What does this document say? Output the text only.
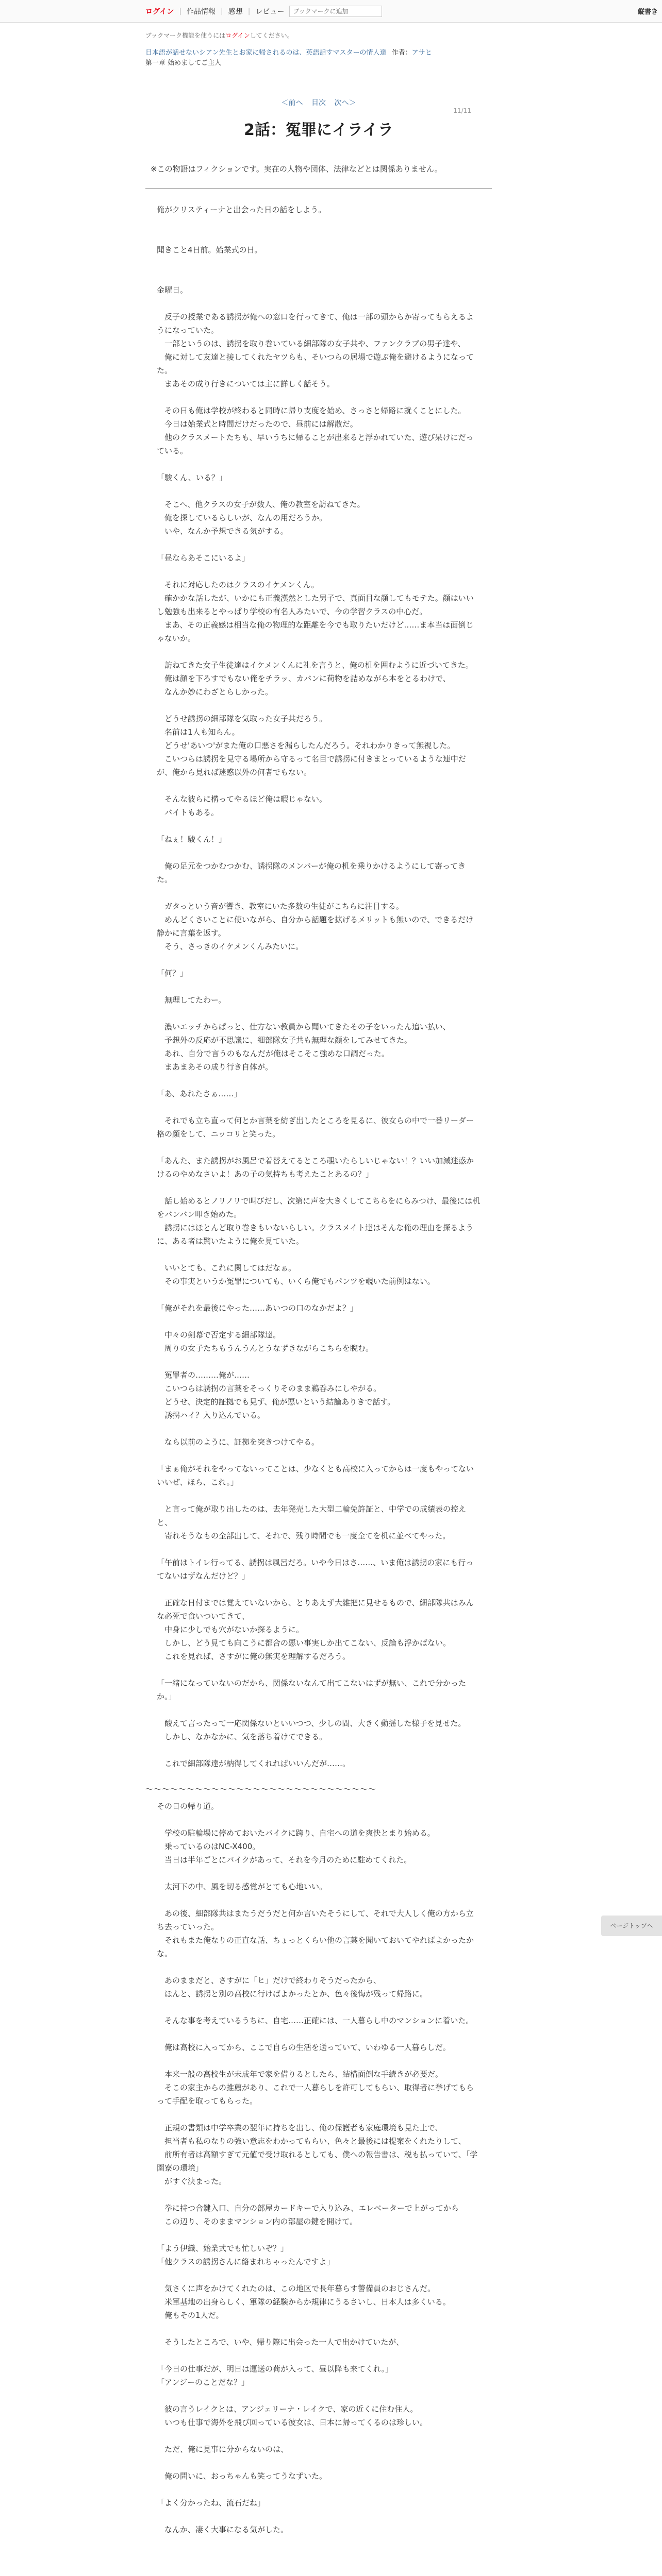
ログイン | 作品情報 | 感想 | レビュー
ブックマークに追加	縦書き
ブックマーク機能を使うにはログインしてください。
日本語が話せないシアン先生とお家に帰されるのは、英語話すマスターの情人達 作者：アサヒ
第一章 始めましてご主人
＜前へ 目次 次へ＞
11/11
2話：冤罪にイライラ
※この物語はフィクションです。実在の人物や団体、法律などとは関係ありません。

俺がクリスティーナと出会った日の話をしよう。

聞きこと4日前。始業式の日。

金曜日。

　反子の授業である誘拐が俺への窓口を行ってきて、俺は一部の頭からか寄ってもらえるようになっていた。

　一部というのは、誘拐を取り巻いている細部隊の女子共や、ファンクラブの男子達や、

　俺に対して友達と接してくれたヤツらも、そいつらの居場で遊ぶ俺を避けるようになってた。

　まあその成り行きについては主に詳しく話そう。

　その日も俺は学校が終わると同時に帰り支度を始め、さっさと帰路に就くことにした。

　今日は始業式と時間だけだったので、昼前には解散だ。

　他のクラスメートたちも、早いうちに帰ることが出来ると浮かれていた、遊び呆けにだっている。

「駿くん、いる？」

　そこへ、他クラスの女子が数人、俺の教室を訪ねてきた。

　俺を探しているらしいが、なんの用だろうか。

　いや、なんか予想できる気がする。

「昼ならあそこにいるよ」

　それに対応したのはクラスのイケメンくん。

　確かかな話したが、いかにも正義漢然とした男子で、真面目な顔してもモテた。顔はいいし勉強も出来るとやっぱり学校の有名人みたいで、今の学習クラスの中心だ。

　まあ、その正義感は相当な俺の物理的な距離を今でも取りたいだけど……ま本当は面倒じゃないか。

　訪ねてきた女子生徒達はイケメンくんに礼を言うと、俺の机を囲むように近づいてきた。

　俺は顔を下ろすでもない俺をチラッ、カバンに荷物を詰めながら本をとるわけで、

　なんか妙にわざとらしかった。

　どうせ誘拐の細部隊を気取った女子共だろう。

　名前は1人も知らん。

　どうせ'あいつ'がまた俺の口悪さを漏らしたんだろう。それわかりきって無視した。

　こいつらは誘拐を見守る場所から守るって名目で誘拐に付きまとっているような連中だが、俺から見れば迷惑以外の何者でもない。

　そんな彼らに構ってやるほど俺は暇じゃない。

　バイトもある。

「ねぇ！駿くん！」

　俺の足元をつかむつかむ、誘拐隊のメンバーが俺の机を乗りかけるようにして寄ってきた。

　ガタっという音が響き、教室にいた多数の生徒がこちらに注目する。

　めんどくさいことに使いながら、自分から話題を拡げるメリットも無いので、できるだけ静かに言葉を返す。

　そう、さっきのイケメンくんみたいに。

「何？」

　無理してたわー。

　濃いエッチからぱっと、仕方ない教員から聞いてきたその子をいったん追い払い、

　予想外の反応が不思議に、細部隊女子共も無理な顔をしてみせてきた。

　あれ、自分で言うのもなんだが俺はそこそこ強めな口調だった。

　まあまあその成り行き自体が。

「あ、あれたさぁ……」

　それでも立ち直って何とか言葉を紡ぎ出したところを見るに、彼女らの中で一番リーダー格の顔をして、ニッコリと笑った。

「あんた、また誘拐がお風呂で着替えてるところ覗いたらしいじゃない！？いい加減迷惑かけるのやめなさいよ！あの子の気持ちも考えたことあるの？」

　話し始めるとノリノリで叫びだし、次第に声を大きくしてこちらをにらみつけ、最後には机をバンバン叩き始めた。

　誘拐にはほとんど取り巻きもいないらしい。クラスメイト達はそんな俺の理由を探るように、ある者は驚いたように俺を見ていた。

　いいとても、これに関してはだなぁ。

　その事実というか冤罪についても、いくら俺でもパンツを覗いた前例はない。

「俺がそれを最後にやった……あいつの口のなかだよ？」

　中々の剣幕で否定する細部隊達。

　周りの女子たちもうんうんとうなずきながらこちらを睨む。

　冤罪者の………俺が……

　こいつらは誘拐の言葉をそっくりそのまま鵜呑みにしやがる。

　どうせ、決定的証拠でも見ず、俺が悪いという結論ありきで話す。

　誘拐ハイ？入り込んでいる。

　なら以前のように、証拠を突きつけてやる。

「まぁ俺がそれをやってないってことは、少なくとも高校に入ってからは一度もやってない

いいぜ、ほら、これ。」

　と言って俺が取り出したのは、去年発売した大型二輪免許証と、中学での成績表の控えと、

　寄れそうなもの全部出して、それで、残り時間でも一度全てを机に並べてやった。

「午前はトイレ行ってる、誘拐は風呂だろ。いや今日はさ……、いま俺は誘拐の家にも行ってないはずなんだけど？」

　正確な日付までは覚えていないから、とりあえず大雑把に見せるもので、細部隊共はみんな必死で食いついてきて、

　中身に少しでも穴がないか探るように。

　しかし、どう見ても向こうに都合の悪い事実しか出てこない、反論も浮かばない。

　これを見れば、さすがに俺の無実を理解するだろう。

「一緒になっていないのだから、関係ないなんて出てこないはずが無い、これで分かったか。」

　酸えて言ったって一応関係ないといいつつ、少しの間、大きく動揺した様子を見せた。

　しかし、なかなかに、気を落ち着けてできる。

　これで細部隊達が納得してくれればいいんだが……。

～～～～～～～～～～～～～～～～～～～～～～～～～～～～

その日の帰り道。

　学校の駐輪場に停めておいたバイクに跨り、自宅への道を爽快とまり始める。

　乗っているのはNC-X400。

　当日は半年ごとにバイクがあって、それを今月のために駐めてくれた。

　太河下の中、風を切る感覚がとても心地いい。

　あの後、細部隊共はまたうだうだと何か言いたそうにして、それで大人しく俺の方から立ち去っていった。

　それもまた俺なりの正直な話、ちょっとくらい他の言葉を聞いておいてやればよかったかな。

　あのままだと、さすがに「ヒ」だけで終わりそうだったから、

　ほんと、誘拐と別の高校に行けばよかったとか、色々後悔が残って帰路に。

　そんな事を考えているうちに、自宅……正確には、一人暮らし中のマンションに着いた。

　俺は高校に入ってから、ここで自らの生活を送っていて、いわゆる一人暮らしだ。

　本来一般の高校生が未成年で家を借りるとしたら、結構面倒な手続きが必要だ。

　そこの家主からの推薦があり、これで一人暮らしを許可してもらい、取得者に挙げてもらって手配を取ってもらった。

　正規の書類は中学卒業の翌年に持ちを出し、俺の保護者も家庭環境も見た上で、

　担当者も私のなりの強い意志をわかってもらい、色々と最後には提案をくれたりして、

　前所有者は高額すぎて元値で受け取れるとしても、僕への報告書は、税も払っていて、「学園寮の環境」

　がすぐ決まった。

　拳に持つ合鍵入口、自分の部屋カードキーで入り込み、エレベーターで上がってから

　この辺り、そのままマンション内の部屋の鍵を開けて。

「よう伊織、始業式でも忙しいぞ？」

「他クラスの誘拐さんに絡まれちゃったんですよ」

　気さくに声をかけてくれたのは、この地区で長年暮らす警備員のおじさんだ。

　米軍基地の出身らしく、軍隊の経験からか規律にうるさいし、日本人は多くいる。

　俺もその1人だ。

　そうしたところで、いや、帰り際に出会った一人で出かけていたが、

「今日の仕事だが、明日は運送の荷が入って、昼以降も来てくれ。」

「アンジーのことだな？」

　彼の言うレイクとは、アンジェリーナ・レイクで、家の近くに住む住人。

　いつも仕事で海外を飛び回っている彼女は、日本に帰ってくるのは珍しい。

　ただ、俺に見事に分からないのは、

　俺の問いに、おっちゃんも笑ってうなずいた。

「よく分かったね、流石だね」

　なんか、凄く大事になる気がした。

ページトップへ
